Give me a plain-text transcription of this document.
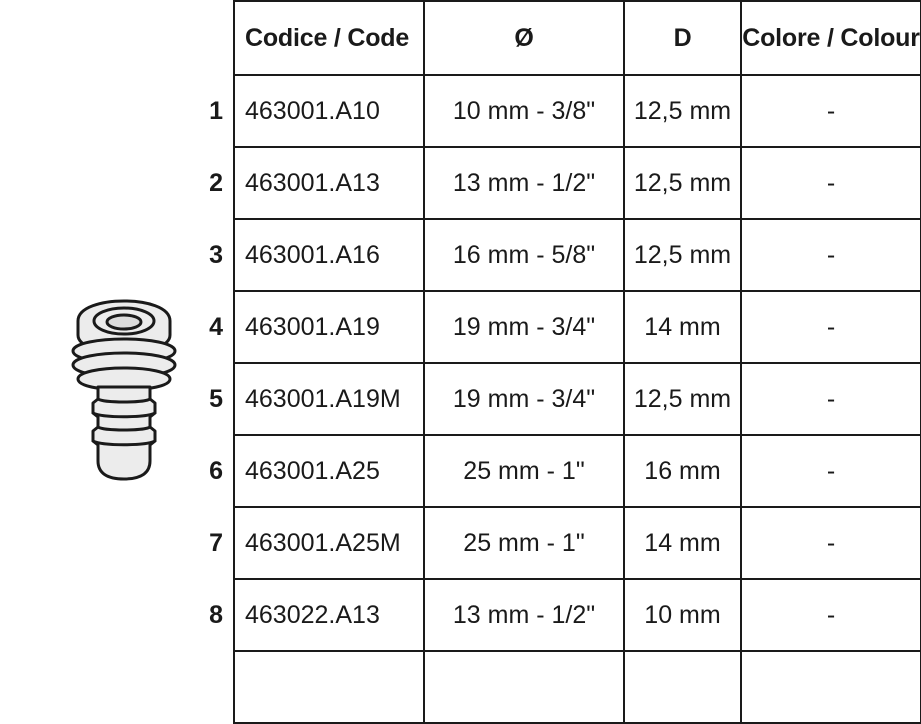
	Codice / Code	Ø	D	Colore / Colour
1	463001.A10	10 mm - 3/8"	12,5 mm	-
2	463001.A13	13 mm - 1/2"	12,5 mm	-
3	463001.A16	16 mm - 5/8"	12,5 mm	-
4	463001.A19	19 mm - 3/4"	14 mm	-
5	463001.A19M	19 mm - 3/4"	12,5 mm	-
6	463001.A25	25 mm - 1"	16 mm	-
7	463001.A25M	25 mm - 1"	14 mm	-
8	463022.A13	13 mm - 1/2"	10 mm	-
